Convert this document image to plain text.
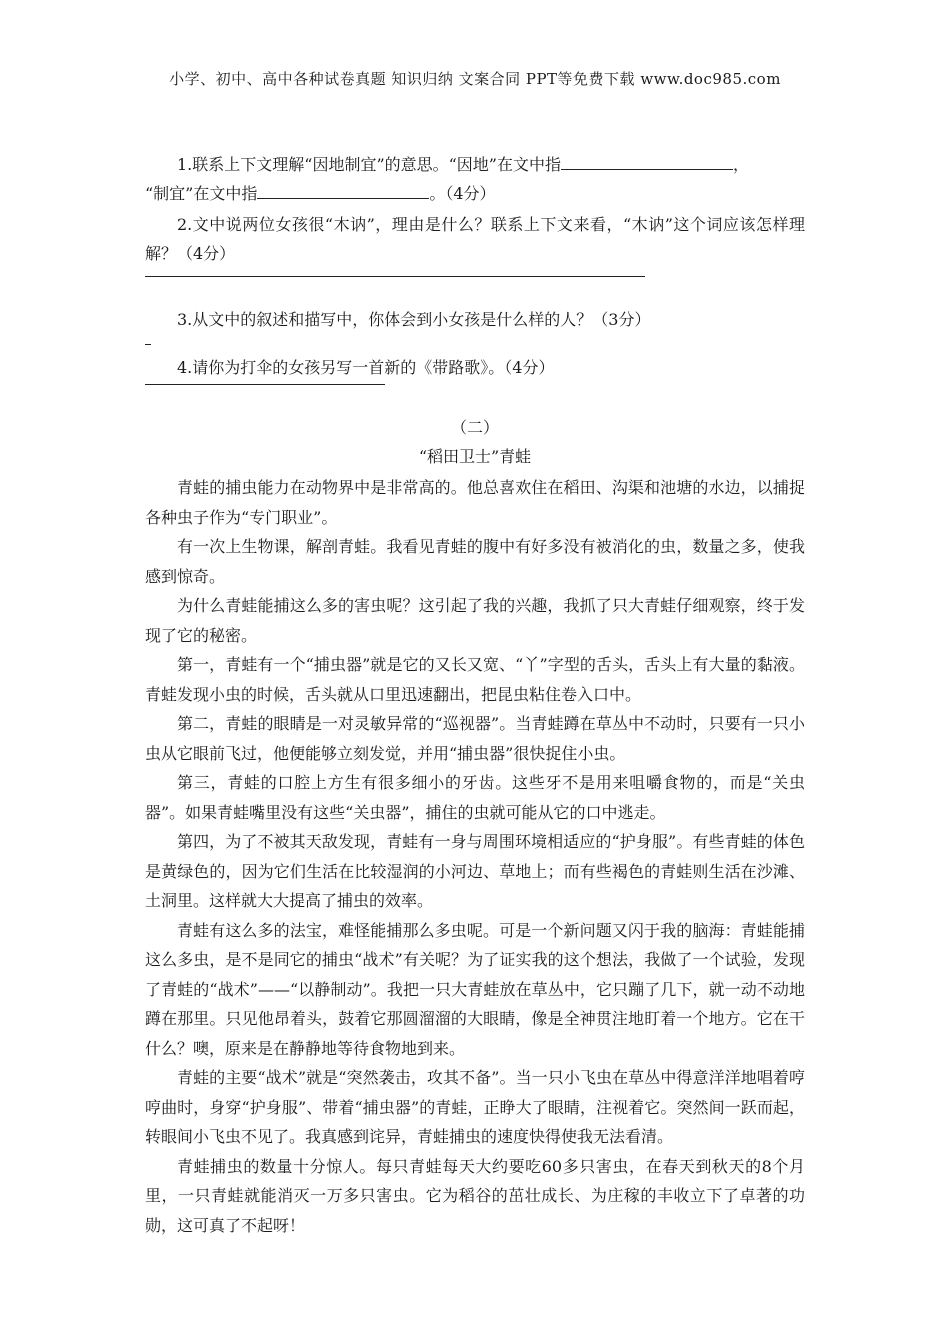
小学、初中、高中各种试卷真题 知识归纳 文案合同 PPT等免费下载 www.doc985.com

1.联系上下文理解“因地制宜”的意思。“因地”在文中指	，

“制宜”在文中指	。（4分）

2.文中说两位女孩很“木讷”，理由是什么？联系上下文来看，“木讷”这个词应该怎样理解？（4分）

3.从文中的叙述和描写中，你体会到小女孩是什么样的人？（3分）

4.请你为打伞的女孩另写一首新的《带路歌》。（4分）

（二）

“稻田卫士”青蛙

青蛙的捕虫能力在动物界中是非常高的。他总喜欢住在稻田、沟渠和池塘的水边，以捕捉各种虫子作为“专门职业”。

有一次上生物课，解剖青蛙。我看见青蛙的腹中有好多没有被消化的虫，数量之多，使我感到惊奇。

为什么青蛙能捕这么多的害虫呢？这引起了我的兴趣，我抓了只大青蛙仔细观察，终于发现了它的秘密。

第一，青蛙有一个“捕虫器”就是它的又长又宽、“丫”字型的舌头，舌头上有大量的黏液。青蛙发现小虫的时候，舌头就从口里迅速翻出，把昆虫粘住卷入口中。

第二，青蛙的眼睛是一对灵敏异常的“巡视器”。当青蛙蹲在草丛中不动时，只要有一只小虫从它眼前飞过，他便能够立刻发觉，并用“捕虫器”很快捉住小虫。

第三，青蛙的口腔上方生有很多细小的牙齿。这些牙不是用来咀嚼食物的，而是“关虫器”。如果青蛙嘴里没有这些“关虫器”，捕住的虫就可能从它的口中逃走。

第四，为了不被其天敌发现，青蛙有一身与周围环境相适应的“护身服”。有些青蛙的体色是黄绿色的，因为它们生活在比较湿润的小河边、草地上；而有些褐色的青蛙则生活在沙滩、土洞里。这样就大大提高了捕虫的效率。

青蛙有这么多的法宝，难怪能捕那么多虫呢。可是一个新问题又闪于我的脑海：青蛙能捕这么多虫，是不是同它的捕虫“战术”有关呢？为了证实我的这个想法，我做了一个试验，发现了青蛙的“战术”——“以静制动”。我把一只大青蛙放在草丛中，它只蹦了几下，就一动不动地蹲在那里。只见他昂着头，鼓着它那圆溜溜的大眼睛，像是全神贯注地盯着一个地方。它在干什么？噢，原来是在静静地等待食物地到来。

青蛙的主要“战术”就是“突然袭击，攻其不备”。当一只小飞虫在草丛中得意洋洋地唱着哼哼曲时，身穿“护身服”、带着“捕虫器”的青蛙，正睁大了眼睛，注视着它。突然间一跃而起，转眼间小飞虫不见了。我真感到诧异，青蛙捕虫的速度快得使我无法看清。

青蛙捕虫的数量十分惊人。每只青蛙每天大约要吃60多只害虫，在春天到秋天的8个月里，一只青蛙就能消灭一万多只害虫。它为稻谷的茁壮成长、为庄稼的丰收立下了卓著的功勋，这可真了不起呀！
